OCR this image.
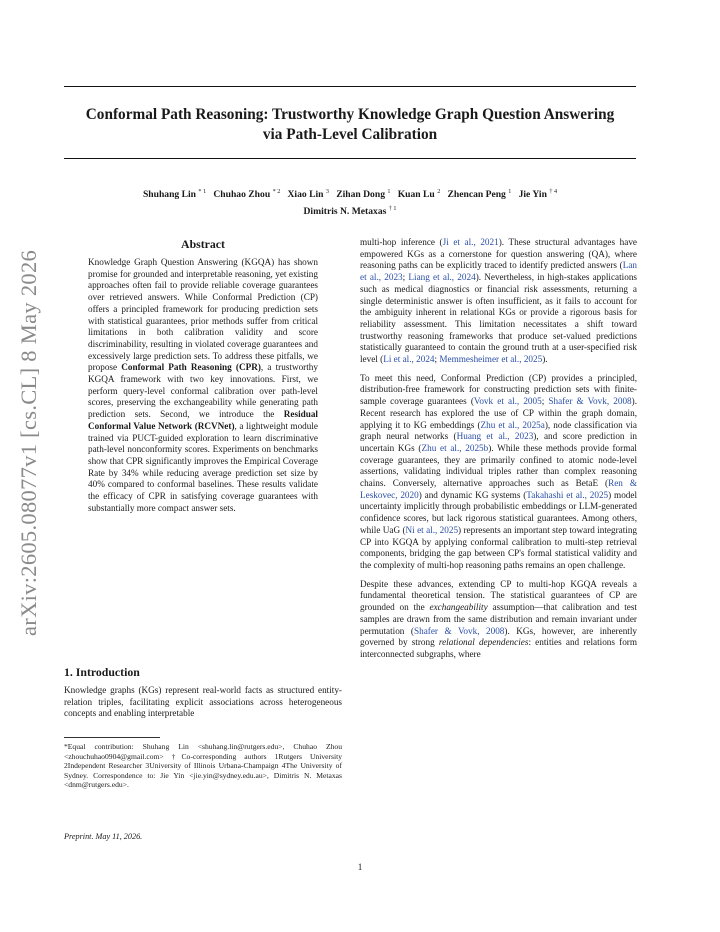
Conformal Path Reasoning: Trustworthy Knowledge Graph Question Answering
via Path-Level Calibration
Shuhang Lin $^{* 1}$ Chuhao Zhou $^{* 2}$ Xiao Lin $^3$ Zihan Dong $^1$ Kuan Lu $^2$ Zhencan Peng $^1$ Jie Yin $^{\dagger 4}$
Dimitris N. Metaxas $^{\dagger 1}$
arXiv:2605.08077v1 [cs.CL] 8 May 2026
Abstract

Knowledge Graph Question Answering (KGQA) has shown promise for grounded and interpretable reasoning, yet existing approaches often fail to provide reliable coverage guarantees over retrieved answers. While Conformal Prediction (CP) offers a principled framework for producing prediction sets with statistical guarantees, prior methods suffer from critical limitations in both calibration validity and score discriminability, resulting in violated coverage guarantees and excessively large prediction sets. To address these pitfalls, we propose Conformal Path Reasoning (CPR), a trustworthy KGQA framework with two key innovations. First, we perform query-level conformal calibration over path-level scores, preserving the exchangeability while generating path prediction sets. Second, we introduce the Residual Conformal Value Network (RCVNet), a lightweight module trained via PUCT-guided exploration to learn discriminative path-level nonconformity scores. Experiments on benchmarks show that CPR significantly improves the Empirical Coverage Rate by 34% while reducing average prediction set size by 40% compared to conformal baselines. These results validate the efficacy of CPR in satisfying coverage guarantees with substantially more compact answer sets.

1. Introduction

Knowledge graphs (KGs) represent real-world facts as structured entity-relation triples, facilitating explicit associations across heterogeneous concepts and enabling interpretable

*Equal contribution: Shuhang Lin <shuhang.lin@rutgers.edu>, Chuhao Zhou <zhouchuhao0904@gmail.com> †Co-corresponding authors 1Rutgers University 2Independent Researcher 3University of Illinois Urbana-Champaign 4The University of Sydney. Correspondence to: Jie Yin <jie.yin@sydney.edu.au>, Dimitris N. Metaxas <dnm@rutgers.edu>.
Preprint. May 11, 2026.

multi-hop inference (Ji et al., 2021). These structural advantages have empowered KGs as a cornerstone for question answering (QA), where reasoning paths can be explicitly traced to identify predicted answers (Lan et al., 2023; Liang et al., 2024). Nevertheless, in high-stakes applications such as medical diagnostics or financial risk assessments, returning a single deterministic answer is often insufficient, as it fails to account for the ambiguity inherent in relational KGs or provide a rigorous basis for reliability assessment. This limitation necessitates a shift toward trustworthy reasoning frameworks that produce set-valued predictions statistically guaranteed to contain the ground truth at a user-specified risk level (Li et al., 2024; Memmesheimer et al., 2025).

To meet this need, Conformal Prediction (CP) provides a principled, distribution-free framework for constructing prediction sets with finite-sample coverage guarantees (Vovk et al., 2005; Shafer & Vovk, 2008). Recent research has explored the use of CP within the graph domain, applying it to KG embeddings (Zhu et al., 2025a), node classification via graph neural networks (Huang et al., 2023), and score prediction in uncertain KGs (Zhu et al., 2025b). While these methods provide formal coverage guarantees, they are primarily confined to atomic node-level assertions, validating individual triples rather than complex reasoning chains. Conversely, alternative approaches such as BetaE (Ren & Leskovec, 2020) and dynamic KG systems (Takahashi et al., 2025) model uncertainty implicitly through probabilistic embeddings or LLM-generated confidence scores, but lack rigorous statistical guarantees. Among others, while UaG (Ni et al., 2025) represents an important step toward integrating CP into KGQA by applying conformal calibration to multi-step retrieval components, bridging the gap between CP's formal statistical validity and the complexity of multi-hop reasoning paths remains an open challenge.

Despite these advances, extending CP to multi-hop KGQA reveals a fundamental theoretical tension. The statistical guarantees of CP are grounded on the exchangeability assumption—that calibration and test samples are drawn from the same distribution and remain invariant under permutation (Shafer & Vovk, 2008). KGs, however, are inherently governed by strong relational dependencies: entities and relations form interconnected subgraphs, where

1
